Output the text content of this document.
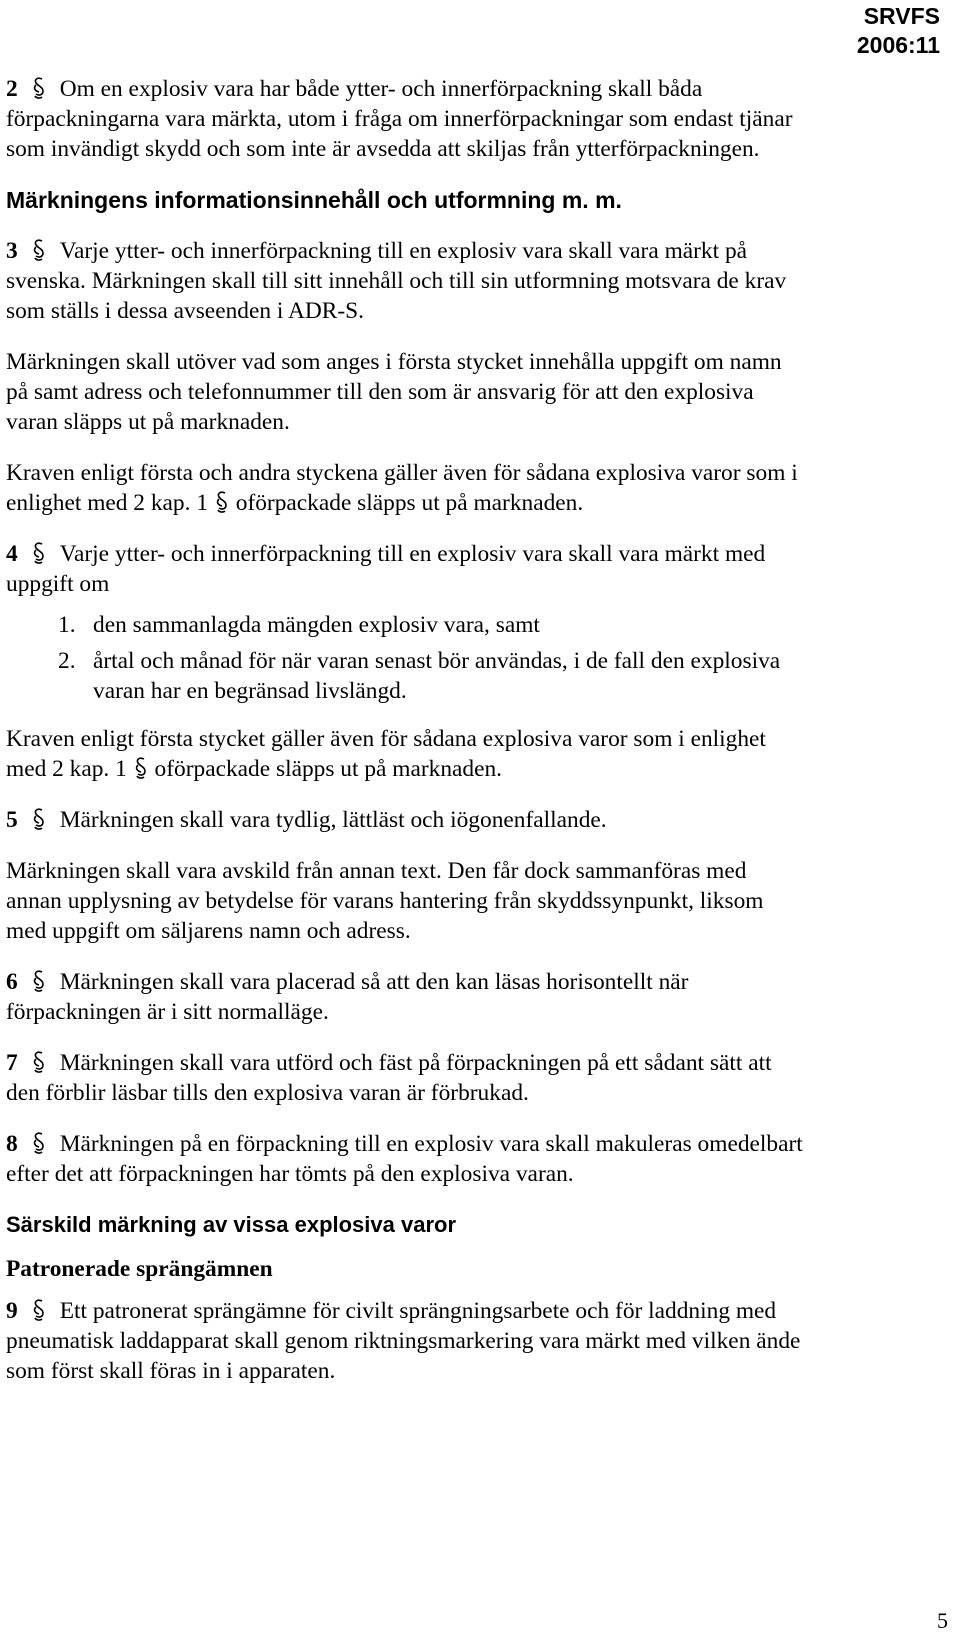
SRVFS
2006:11

2 Om en explosiv vara har både ytter- och innerförpackning skall båda förpackningarna vara märkta, utom i fråga om innerförpackningar som endast tjänar som invändigt skydd och som inte är avsedda att skiljas från ytterförpackningen.

Märkningens informationsinnehåll och utformning m. m.

3 Varje ytter- och innerförpackning till en explosiv vara skall vara märkt på svenska. Märkningen skall till sitt innehåll och till sin utformning motsvara de krav som ställs i dessa avseenden i ADR-S.

Märkningen skall utöver vad som anges i första stycket innehålla uppgift om namn på samt adress och telefonnummer till den som är ansvarig för att den explosiva varan släpps ut på marknaden.

Kraven enligt första och andra styckena gäller även för sådana explosiva varor som i enlighet med 2 kap. 1 oförpackade släpps ut på marknaden.

4 Varje ytter- och innerförpackning till en explosiv vara skall vara märkt med uppgift om

1. den sammanlagda mängden explosiv vara, samt
2. årtal och månad för när varan senast bör användas, i de fall den explosiva varan har en begränsad livslängd.

Kraven enligt första stycket gäller även för sådana explosiva varor som i enlighet med 2 kap. 1 oförpackade släpps ut på marknaden.

5 Märkningen skall vara tydlig, lättläst och iögonenfallande.

Märkningen skall vara avskild från annan text. Den får dock sammanföras med annan upplysning av betydelse för varans hantering från skyddssynpunkt, liksom med uppgift om säljarens namn och adress.

6 Märkningen skall vara placerad så att den kan läsas horisontellt när förpackningen är i sitt normalläge.

7 Märkningen skall vara utförd och fäst på förpackningen på ett sådant sätt att den förblir läsbar tills den explosiva varan är förbrukad.

8 Märkningen på en förpackning till en explosiv vara skall makuleras omedelbart efter det att förpackningen har tömts på den explosiva varan.

Särskild märkning av vissa explosiva varor
Patronerade sprängämnen

9 Ett patronerat sprängämne för civilt sprängningsarbete och för laddning med pneumatisk laddapparat skall genom riktningsmarkering vara märkt med vilken ände som först skall föras in i apparaten.

5
